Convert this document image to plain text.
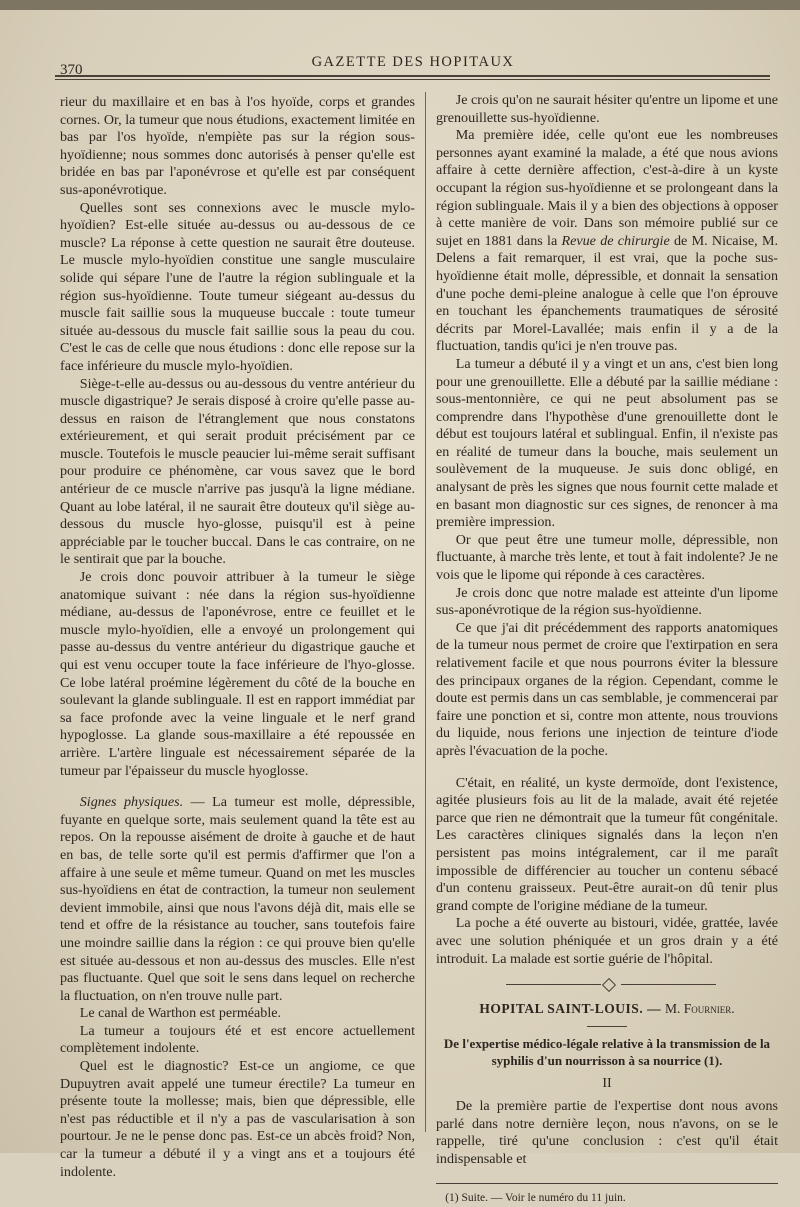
370	GAZETTE DES HOPITAUX

rieur du maxillaire et en bas à l'os hyoïde, corps et grandes cornes. Or, la tumeur que nous étudions, exactement limitée en bas par l'os hyoïde, n'empiète pas sur la région sous-hyoïdienne; nous sommes donc autorisés à penser qu'elle est bridée en bas par l'aponévrose et qu'elle est par conséquent sus-aponévrotique.

Quelles sont ses connexions avec le muscle mylo-hyoïdien? Est-elle située au-dessus ou au-dessous de ce muscle? La réponse à cette question ne saurait être douteuse. Le muscle mylo-hyoïdien constitue une sangle musculaire solide qui sépare l'une de l'autre la région sublinguale et la région sus-hyoïdienne. Toute tumeur siégeant au-dessus du muscle fait saillie sous la muqueuse buccale : toute tumeur située au-dessous du muscle fait saillie sous la peau du cou. C'est le cas de celle que nous étudions : donc elle repose sur la face inférieure du muscle mylo-hyoïdien.

Siège-t-elle au-dessus ou au-dessous du ventre antérieur du muscle digastrique? Je serais disposé à croire qu'elle passe au-dessus en raison de l'étranglement que nous constatons extérieurement, et qui serait produit précisément par ce muscle. Toutefois le muscle peaucier lui-même serait suffisant pour produire ce phénomène, car vous savez que le bord antérieur de ce muscle n'arrive pas jusqu'à la ligne médiane. Quant au lobe latéral, il ne saurait être douteux qu'il siège au-dessous du muscle hyo-glosse, puisqu'il est à peine appréciable par le toucher buccal. Dans le cas contraire, on ne le sentirait que par la bouche.

Je crois donc pouvoir attribuer à la tumeur le siège anatomique suivant : née dans la région sus-hyoïdienne médiane, au-dessus de l'aponévrose, entre ce feuillet et le muscle mylo-hyoïdien, elle a envoyé un prolongement qui passe au-dessus du ventre antérieur du digastrique gauche et qui est venu occuper toute la face inférieure de l'hyo-glosse. Ce lobe latéral proémine légèrement du côté de la bouche en soulevant la glande sublinguale. Il est en rapport immédiat par sa face profonde avec la veine linguale et le nerf grand hypoglosse. La glande sous-maxillaire a été repoussée en arrière. L'artère linguale est nécessairement séparée de la tumeur par l'épaisseur du muscle hyoglosse.

Signes physiques. — La tumeur est molle, dépressible, fuyante en quelque sorte, mais seulement quand la tête est au repos. On la repousse aisément de droite à gauche et de haut en bas, de telle sorte qu'il est permis d'affirmer que l'on a affaire à une seule et même tumeur. Quand on met les muscles sus-hyoïdiens en état de contraction, la tumeur non seulement devient immobile, ainsi que nous l'avons déjà dit, mais elle se tend et offre de la résistance au toucher, sans toutefois faire une moindre saillie dans la région : ce qui prouve bien qu'elle est située au-dessous et non au-dessus des muscles. Elle n'est pas fluctuante. Quel que soit le sens dans lequel on recherche la fluctuation, on n'en trouve nulle part.

Le canal de Warthon est perméable.

La tumeur a toujours été et est encore actuellement complètement indolente.

Quel est le diagnostic? Est-ce un angiome, ce que Dupuytren avait appelé une tumeur érectile? La tumeur en présente toute la mollesse; mais, bien que dépressible, elle n'est pas réductible et il n'y a pas de vascularisation à son pourtour. Je ne le pense donc pas. Est-ce un abcès froid? Non, car la tumeur a débuté il y a vingt ans et a toujours été indolente.

Je crois qu'on ne saurait hésiter qu'entre un lipome et une grenouillette sus-hyoïdienne.

Ma première idée, celle qu'ont eue les nombreuses personnes ayant examiné la malade, a été que nous avions affaire à cette dernière affection, c'est-à-dire à un kyste occupant la région sus-hyoïdienne et se prolongeant dans la région sublinguale. Mais il y a bien des objections à opposer à cette manière de voir. Dans son mémoire publié sur ce sujet en 1881 dans la Revue de chirurgie de M. Nicaise, M. Delens a fait remarquer, il est vrai, que la poche sus-hyoïdienne était molle, dépressible, et donnait la sensation d'une poche demi-pleine analogue à celle que l'on éprouve en touchant les épanchements traumatiques de sérosité décrits par Morel-Lavallée; mais enfin il y a de la fluctuation, tandis qu'ici je n'en trouve pas.

La tumeur a débuté il y a vingt et un ans, c'est bien long pour une grenouillette. Elle a débuté par la saillie médiane : sous-mentonnière, ce qui ne peut absolument pas se comprendre dans l'hypothèse d'une grenouillette dont le début est toujours latéral et sublingual. Enfin, il n'existe pas en réalité de tumeur dans la bouche, mais seulement un soulèvement de la muqueuse. Je suis donc obligé, en analysant de près les signes que nous fournit cette malade et en basant mon diagnostic sur ces signes, de renoncer à ma première impression.

Or que peut être une tumeur molle, dépressible, non fluctuante, à marche très lente, et tout à fait indolente? Je ne vois que le lipome qui réponde à ces caractères.

Je crois donc que notre malade est atteinte d'un lipome sus-aponévrotique de la région sus-hyoïdienne.

Ce que j'ai dit précédemment des rapports anatomiques de la tumeur nous permet de croire que l'extirpation en sera relativement facile et que nous pourrons éviter la blessure des principaux organes de la région. Cependant, comme le doute est permis dans un cas semblable, je commencerai par faire une ponction et si, contre mon attente, nous trouvions du liquide, nous ferions une injection de teinture d'iode après l'évacuation de la poche.

C'était, en réalité, un kyste dermoïde, dont l'existence, agitée plusieurs fois au lit de la malade, avait été rejetée parce que rien ne démontrait que la tumeur fût congénitale. Les caractères cliniques signalés dans la leçon n'en persistent pas moins intégralement, car il me paraît impossible de différencier au toucher un contenu sébacé d'un contenu graisseux. Peut-être aurait-on dû tenir plus grand compte de l'origine médiane de la tumeur.

La poche a été ouverte au bistouri, vidée, grattée, lavée avec une solution phéniquée et un gros drain y a été introduit. La malade est sortie guérie de l'hôpital.

HOPITAL SAINT-LOUIS. — M. Fournier.
De l'expertise médico-légale relative à la transmission de la syphilis d'un nourrisson à sa nourrice (1).
II

De la première partie de l'expertise dont nous avons parlé dans notre dernière leçon, nous n'avons, on se le rappelle, tiré qu'une conclusion : c'est qu'il était indispensable et

(1) Suite. — Voir le numéro du 11 juin.
